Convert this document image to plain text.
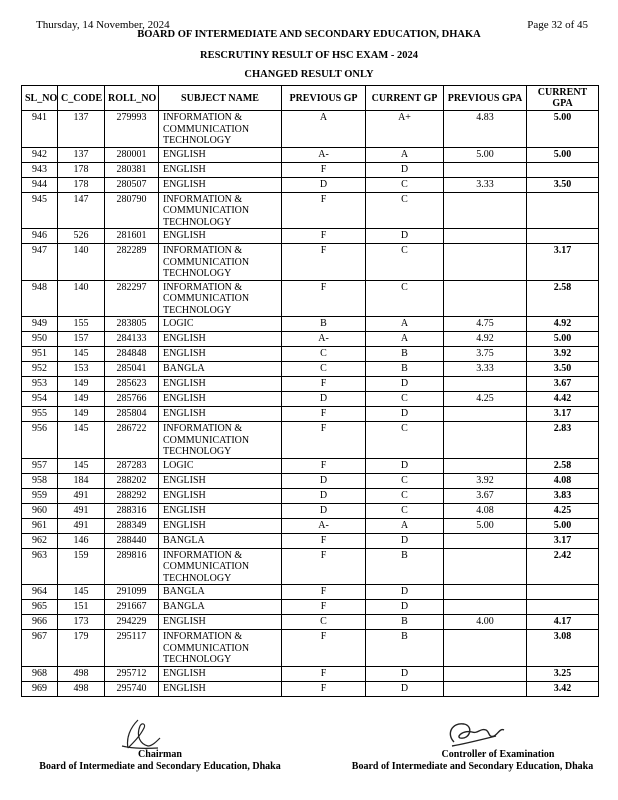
Thursday, 14 November, 2024	Page 32 of 45
BOARD OF INTERMEDIATE AND SECONDARY EDUCATION, DHAKA
RESCRUTINY RESULT OF HSC EXAM - 2024
CHANGED RESULT ONLY
SL_NO	C_CODE	ROLL_NO	SUBJECT NAME	PREVIOUS GP	CURRENT GP	PREVIOUS GPA	CURRENT GPA
941	137	279993	INFORMATION & COMMUNICATION TECHNOLOGY	A	A+	4.83	5.00
942	137	280001	ENGLISH	A-	A	5.00	5.00
943	178	280381	ENGLISH	F	D		
944	178	280507	ENGLISH	D	C	3.33	3.50
945	147	280790	INFORMATION & COMMUNICATION TECHNOLOGY	F	C		
946	526	281601	ENGLISH	F	D		
947	140	282289	INFORMATION & COMMUNICATION TECHNOLOGY	F	C		3.17
948	140	282297	INFORMATION & COMMUNICATION TECHNOLOGY	F	C		2.58
949	155	283805	LOGIC	B	A	4.75	4.92
950	157	284133	ENGLISH	A-	A	4.92	5.00
951	145	284848	ENGLISH	C	B	3.75	3.92
952	153	285041	BANGLA	C	B	3.33	3.50
953	149	285623	ENGLISH	F	D		3.67
954	149	285766	ENGLISH	D	C	4.25	4.42
955	149	285804	ENGLISH	F	D		3.17
956	145	286722	INFORMATION & COMMUNICATION TECHNOLOGY	F	C		2.83
957	145	287283	LOGIC	F	D		2.58
958	184	288202	ENGLISH	D	C	3.92	4.08
959	491	288292	ENGLISH	D	C	3.67	3.83
960	491	288316	ENGLISH	D	C	4.08	4.25
961	491	288349	ENGLISH	A-	A	5.00	5.00
962	146	288440	BANGLA	F	D		3.17
963	159	289816	INFORMATION & COMMUNICATION TECHNOLOGY	F	B		2.42
964	145	291099	BANGLA	F	D		
965	151	291667	BANGLA	F	D		
966	173	294229	ENGLISH	C	B	4.00	4.17
967	179	295117	INFORMATION & COMMUNICATION TECHNOLOGY	F	B		3.08
968	498	295712	ENGLISH	F	D		3.25
969	498	295740	ENGLISH	F	D		3.42
Chairman
Board of Intermediate and Secondary Education, Dhaka
Controller of Examination
Board of Intermediate and Secondary Education, Dhaka
